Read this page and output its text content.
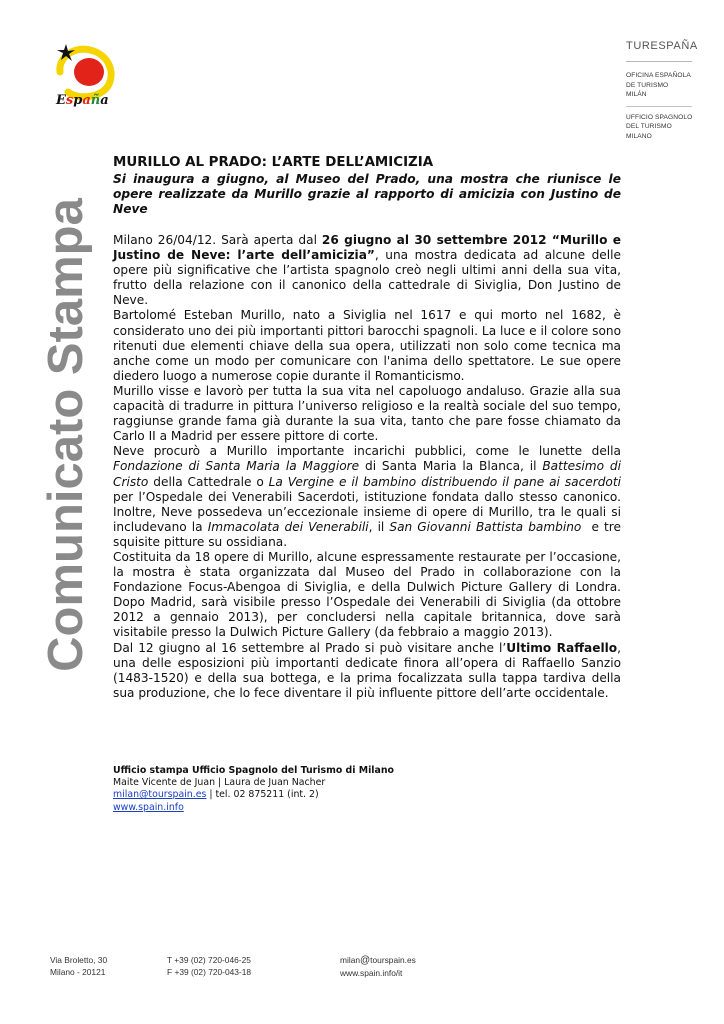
España
TURESPAÑA
OFICINA ESPAÑOLA
DE TURISMO
MILÁN
UFFICIO SPAGNOLO
DEL TURISMO
MILANO
Comunicato Stampa
MURILLO AL PRADO: L’ARTE DELL’AMICIZIA

Si inaugura a giugno, al Museo del Prado, una mostra che riunisce le opere realizzate da Murillo grazie al rapporto di amicizia con Justino de Neve

Milano 26/04/12. Sarà aperta dal 26 giugno al 30 settembre 2012 “Murillo e Justino de Neve: l’arte dell’amicizia”, una mostra dedicata ad alcune delle opere più significative che l’artista spagnolo creò negli ultimi anni della sua vita, frutto della relazione con il canonico della cattedrale di Siviglia, Don Justino de Neve.

Bartolomé Esteban Murillo, nato a Siviglia nel 1617 e qui morto nel 1682, è considerato uno dei più importanti pittori barocchi spagnoli. La luce e il colore sono ritenuti due elementi chiave della sua opera, utilizzati non solo come tecnica ma anche come un modo per comunicare con l'anima dello spettatore. Le sue opere diedero luogo a numerose copie durante il Romanticismo.

Murillo visse e lavorò per tutta la sua vita nel capoluogo andaluso. Grazie alla sua capacità di tradurre in pittura l’universo religioso e la realtà sociale del suo tempo, raggiunse grande fama già durante la sua vita, tanto che pare fosse chiamato da Carlo II a Madrid per essere pittore di corte.

Neve procurò a Murillo importante incarichi pubblici, come le lunette della Fondazione di Santa Maria la Maggiore di Santa Maria la Blanca, il Battesimo di Cristo della Cattedrale o La Vergine e il bambino distribuendo il pane ai sacerdoti per l’Ospedale dei Venerabili Sacerdoti, istituzione fondata dallo stesso canonico. Inoltre, Neve possedeva un’eccezionale insieme di opere di Murillo, tra le quali si includevano la Immacolata dei Venerabili, il San Giovanni Battista bambino  e tre squisite pitture su ossidiana.

Costituita da 18 opere di Murillo, alcune espressamente restaurate per l’occasione, la mostra è stata organizzata dal Museo del Prado in collaborazione con la Fondazione Focus-Abengoa di Siviglia, e della Dulwich Picture Gallery di Londra. Dopo Madrid, sarà visibile presso l’Ospedale dei Venerabili di Siviglia (da ottobre 2012 a gennaio 2013), per concludersi nella capitale britannica, dove sarà visitabile presso la Dulwich Picture Gallery (da febbraio a maggio 2013).

Dal 12 giugno al 16 settembre al Prado si può visitare anche l’Ultimo Raffaello, una delle esposizioni più importanti dedicate finora all’opera di Raffaello Sanzio (1483-1520) e della sua bottega, e la prima focalizzata sulla tappa tardiva della sua produzione, che lo fece diventare il più influente pittore dell’arte occidentale.

Ufficio stampa Ufficio Spagnolo del Turismo di Milano
Maite Vicente de Juan | Laura de Juan Nacher
milan@tourspain.es | tel. 02 875211 (int. 2)
www.spain.info
Via Broletto, 30
Milano - 20121
T +39 (02) 720-046-25
F +39 (02) 720-043-18
milan@tourspain.es
www.spain.info/it
